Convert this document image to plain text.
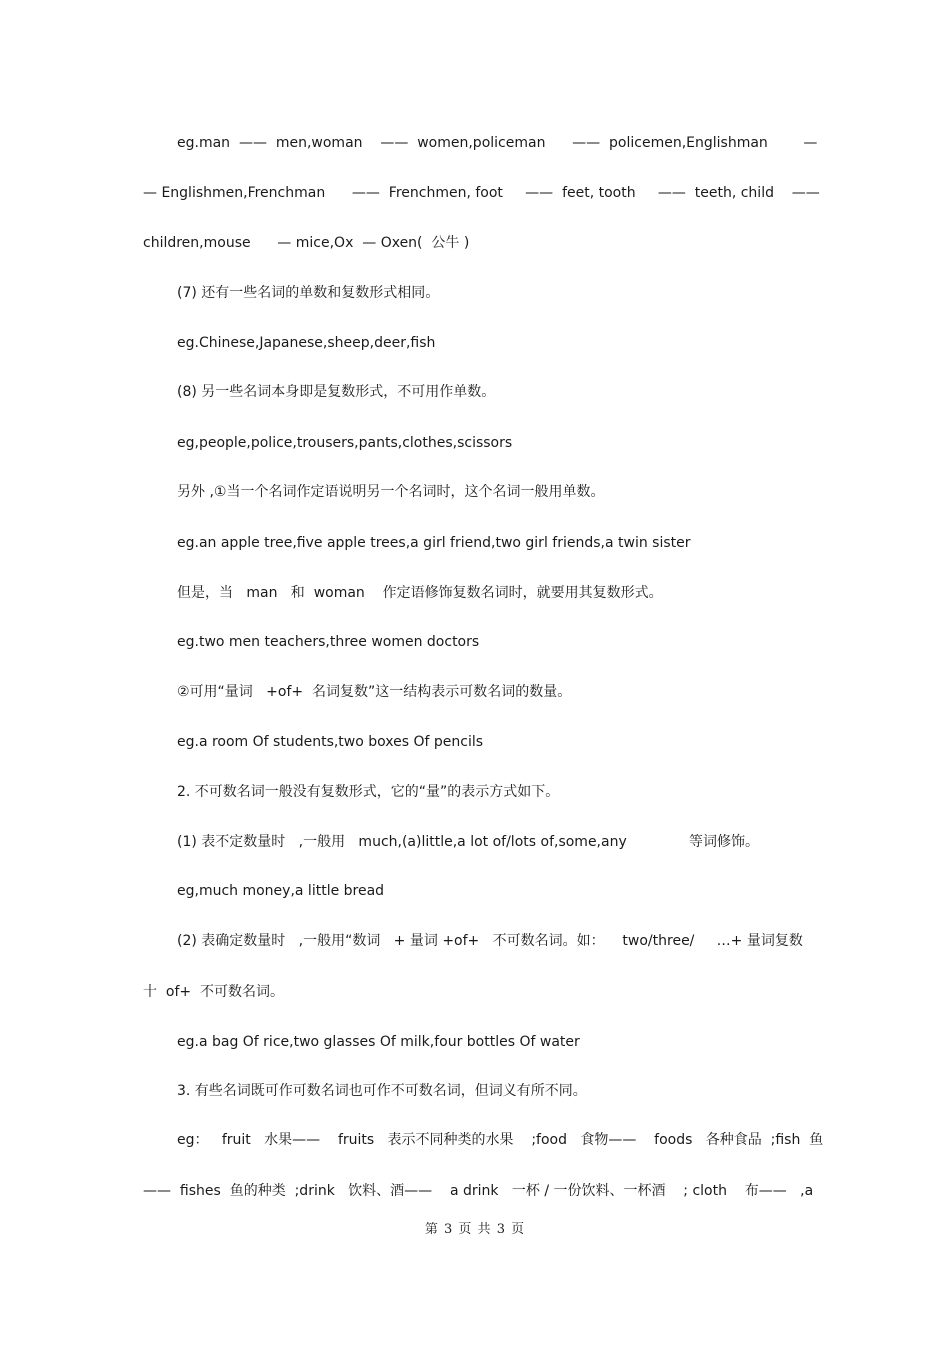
eg.man  ——  men,woman    ——  women,policeman      ——  policemen,Englishman        —
— Englishmen,Frenchman      ——  Frenchmen, foot     ——  feet, tooth     ——  teeth, child    ——
children,mouse      — mice,Ox  — Oxen(  公牛 )
(7) 还有一些名词的单数和复数形式相同。
eg.Chinese,Japanese,sheep,deer,fish
(8) 另一些名词本身即是复数形式，不可用作单数。
eg,people,police,trousers,pants,clothes,scissors
另外 ,①当一个名词作定语说明另一个名词时，这个名词一般用单数。
eg.an apple tree,five apple trees,a girl friend,two girl friends,a twin sister
但是，当   man   和  woman    作定语修饰复数名词时，就要用其复数形式。
eg.two men teachers,three women doctors
②可用“量词   +of+  名词复数”这一结构表示可数名词的数量。
eg.a room Of students,two boxes Of pencils
2. 不可数名词一般没有复数形式，它的“量”的表示方式如下。
(1) 表不定数量时   ,一般用   much,(a)little,a lot of/lots of,some,any              等词修饰。
eg,much money,a little bread
(2) 表确定数量时   ,一般用“数词   + 量词 +of+   不可数名词。如：    two/three/     …+ 量词复数
十  of+  不可数名词。
eg.a bag Of rice,two glasses Of milk,four bottles Of water
3. 有些名词既可作可数名词也可作不可数名词，但词义有所不同。
eg：   fruit   水果——    fruits   表示不同种类的水果    ;food   食物——    foods   各种食品  ;fish  鱼
——  fishes  鱼的种类  ;drink   饮料、酒——    a drink   一杯 / 一份饮料、一杯酒    ; cloth    布——   ,a
第 3 页 共 3 页
